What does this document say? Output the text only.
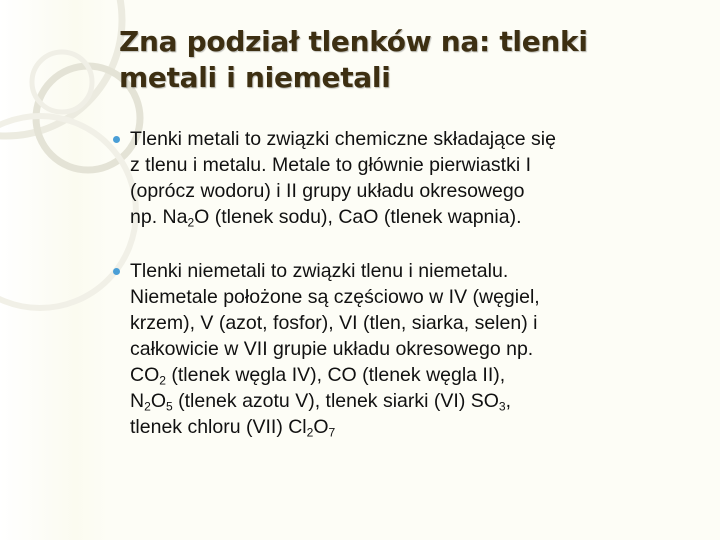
Zna podział tlenków na: tlenki
metali i niemetali
Tlenki metali to związki chemiczne składające się
z tlenu i metalu. Metale to głównie pierwiastki I
(oprócz wodoru) i II grupy układu okresowego
np. $Na_2O$ (tlenek sodu), CaO (tlenek wapnia).
Tlenki niemetali to związki tlenu i niemetalu.
Niemetale położone są częściowo w IV (węgiel,
krzem), V (azot, fosfor), VI (tlen, siarka, selen) i
całkowicie w VII grupie układu okresowego np.
$CO_2$ (tlenek węgla IV), CO (tlenek węgla II),
$N_2O_5$ (tlenek azotu V), tlenek siarki (VI) $SO_3$,
tlenek chloru (VII) $Cl_2O_7$
